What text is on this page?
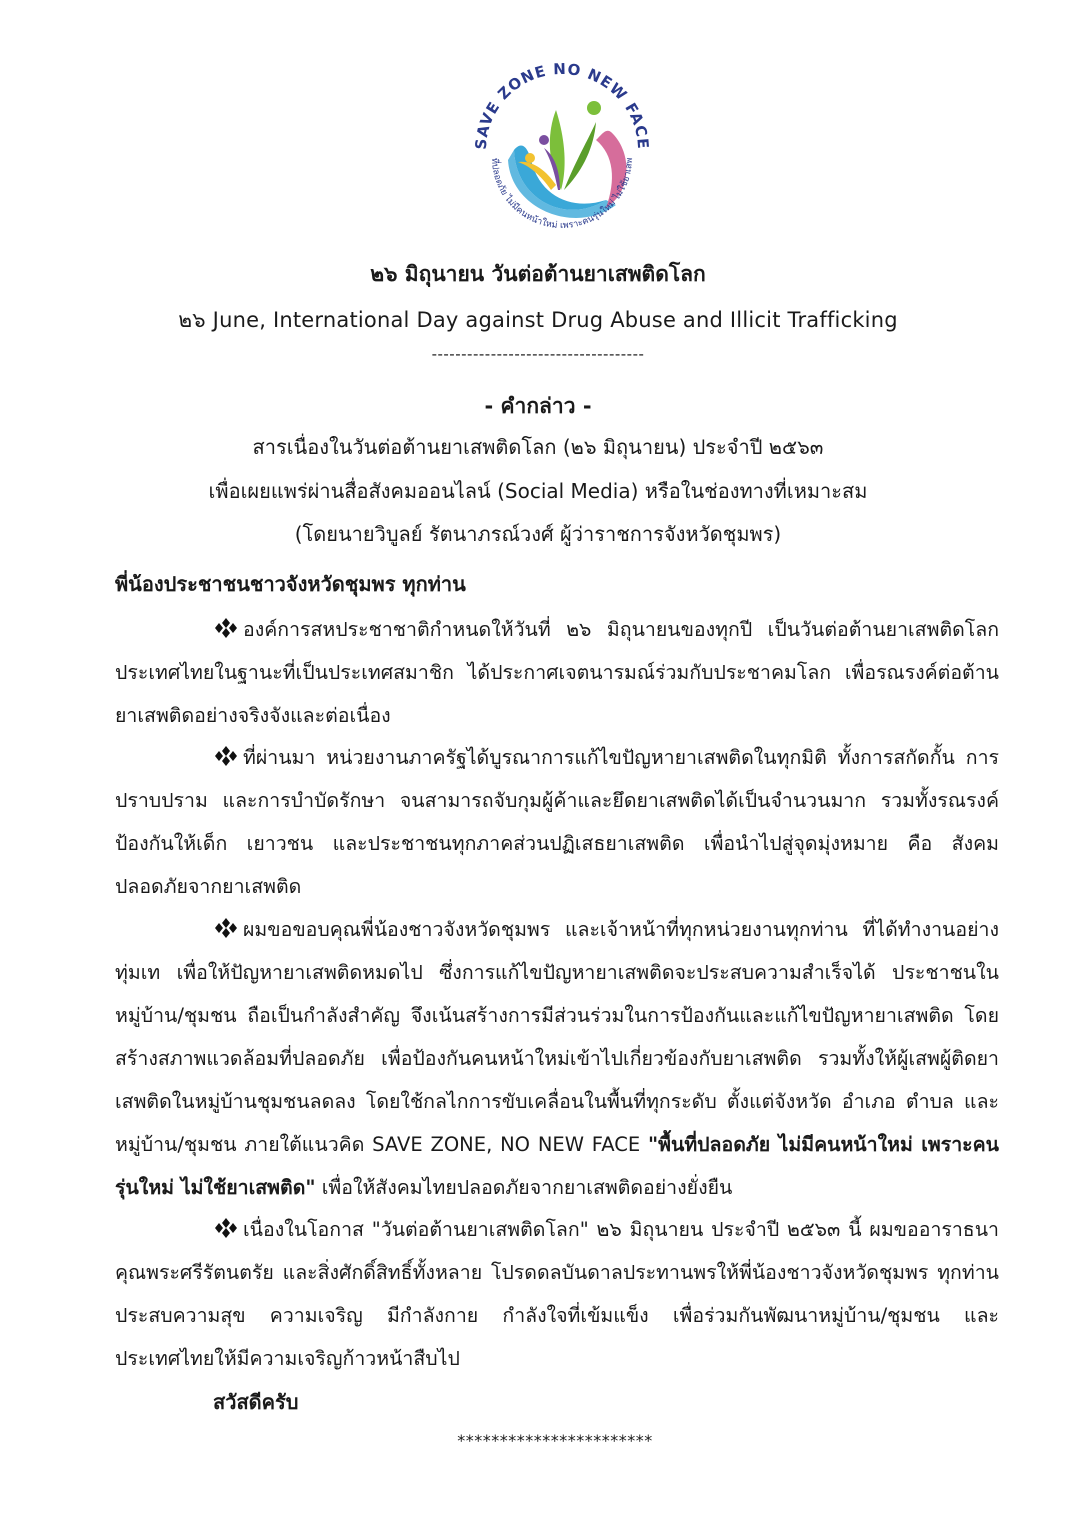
SAVE ZONE NO NEW FACE
ที่ปลอดภัย ไม่มีคนหน้าใหม่ เพราะคนรุ่นใหม่ ไม่ใช้ยาเสพ
๒๖ มิถุนายน วันต่อต้านยาเสพติดโลก
๒๖ June, International Day against Drug Abuse and Illicit Trafficking
------------------------------------
- คำกล่าว -
สารเนื่องในวันต่อต้านยาเสพติดโลก (๒๖ มิถุนายน) ประจำปี ๒๕๖๓
เพื่อเผยแพร่ผ่านสื่อสังคมออนไลน์ (Social Media) หรือในช่องทางที่เหมาะสม
(โดยนายวิบูลย์ รัตนาภรณ์วงศ์ ผู้ว่าราชการจังหวัดชุมพร)
พี่น้องประชาชนชาวจังหวัดชุมพร ทุกท่าน
องค์การสหประชาชาติกำหนดให้วันที่ ๒๖ มิถุนายนของทุกปี เป็นวันต่อต้านยาเสพติดโลก ประเทศไทยในฐานะที่เป็นประเทศสมาชิก ได้ประกาศเจตนารมณ์ร่วมกับประชาคมโลก เพื่อรณรงค์ต่อต้านยาเสพติดอย่างจริงจังและต่อเนื่อง
ที่ผ่านมา หน่วยงานภาครัฐได้บูรณาการแก้ไขปัญหายาเสพติดในทุกมิติ ทั้งการสกัดกั้น การปราบปราม และการบำบัดรักษา จนสามารถจับกุมผู้ค้าและยึดยาเสพติดได้เป็นจำนวนมาก รวมทั้งรณรงค์ป้องกันให้เด็ก เยาวชน และประชาชนทุกภาคส่วนปฏิเสธยาเสพติด เพื่อนำไปสู่จุดมุ่งหมาย คือ สังคมปลอดภัยจากยาเสพติด
ผมขอขอบคุณพี่น้องชาวจังหวัดชุมพร และเจ้าหน้าที่ทุกหน่วยงานทุกท่าน ที่ได้ทำงานอย่างทุ่มเท เพื่อให้ปัญหายาเสพติดหมดไป ซึ่งการแก้ไขปัญหายาเสพติดจะประสบความสำเร็จได้ ประชาชนในหมู่บ้าน/ชุมชน ถือเป็นกำลังสำคัญ จึงเน้นสร้างการมีส่วนร่วมในการป้องกันและแก้ไขปัญหายาเสพติด โดยสร้างสภาพแวดล้อมที่ปลอดภัย เพื่อป้องกันคนหน้าใหม่เข้าไปเกี่ยวข้องกับยาเสพติด รวมทั้งให้ผู้เสพผู้ติดยาเสพติดในหมู่บ้านชุมชนลดลง โดยใช้กลไกการขับเคลื่อนในพื้นที่ทุกระดับ ตั้งแต่จังหวัด อำเภอ ตำบล และหมู่บ้าน/ชุมชน ภายใต้แนวคิด SAVE ZONE, NO NEW FACE "พื้นที่ปลอดภัย ไม่มีคนหน้าใหม่ เพราะคนรุ่นใหม่ ไม่ใช้ยาเสพติด" เพื่อให้สังคมไทยปลอดภัยจากยาเสพติดอย่างยั่งยืน
เนื่องในโอกาส "วันต่อต้านยาเสพติดโลก" ๒๖ มิถุนายน ประจำปี ๒๕๖๓ นี้ ผมขออาราธนาคุณพระศรีรัตนตรัย และสิ่งศักดิ์สิทธิ์ทั้งหลาย โปรดดลบันดาลประทานพรให้พี่น้องชาวจังหวัดชุมพร ทุกท่าน ประสบความสุข ความเจริญ มีกำลังกาย กำลังใจที่เข้มแข็ง เพื่อร่วมกันพัฒนาหมู่บ้าน/ชุมชน และประเทศไทยให้มีความเจริญก้าวหน้าสืบไป
สวัสดีครับ
***********************
